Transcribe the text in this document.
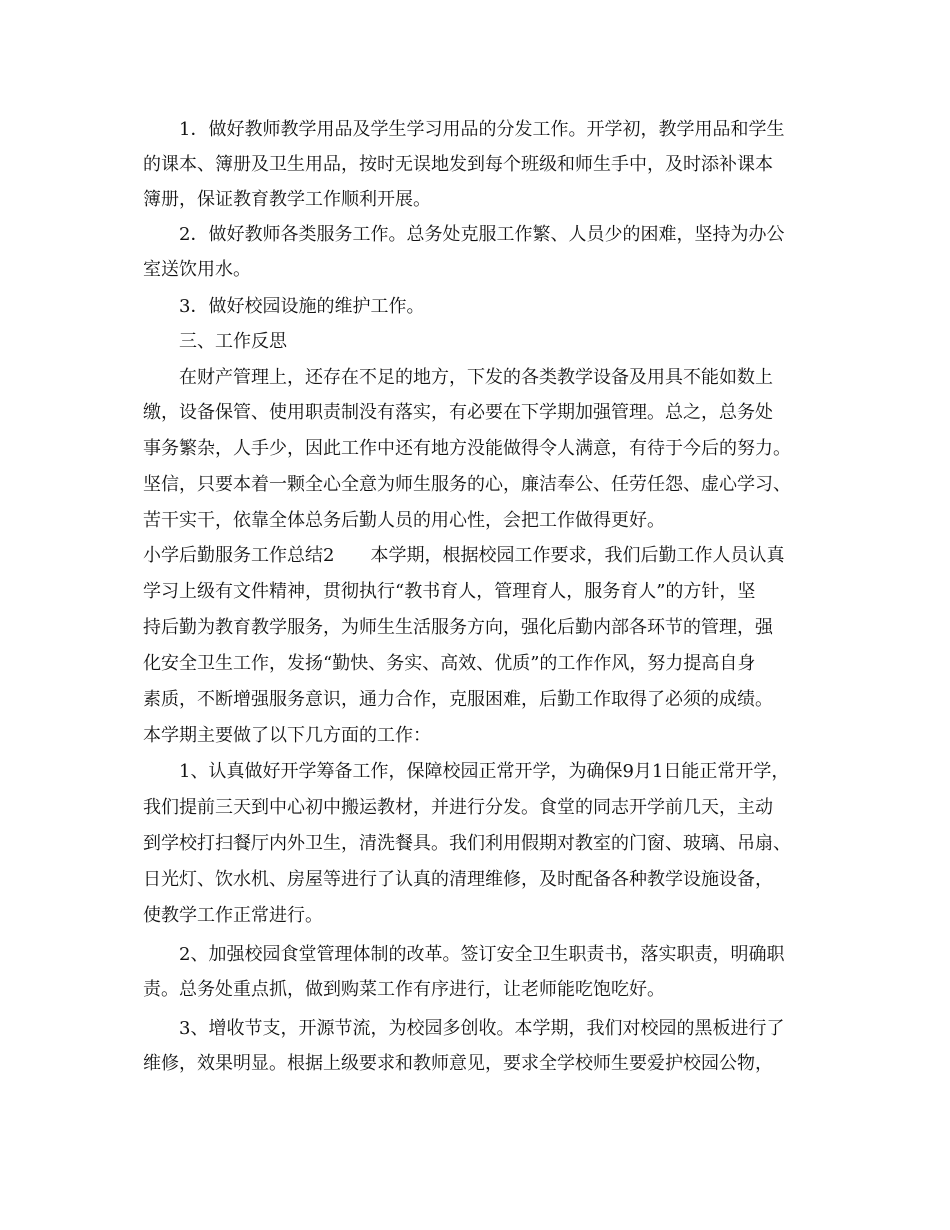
1．做好教师教学用品及学生学习用品的分发工作。开学初，教学用品和学生
的课本、簿册及卫生用品，按时无误地发到每个班级和师生手中，及时添补课本
簿册，保证教育教学工作顺利开展。
2．做好教师各类服务工作。总务处克服工作繁、人员少的困难，坚持为办公
室送饮用水。
3．做好校园设施的维护工作。
三、工作反思
在财产管理上，还存在不足的地方，下发的各类教学设备及用具不能如数上
缴，设备保管、使用职责制没有落实，有必要在下学期加强管理。总之，总务处
事务繁杂，人手少，因此工作中还有地方没能做得令人满意，有待于今后的努力。
坚信，只要本着一颗全心全意为师生服务的心，廉洁奉公、任劳任怨、虚心学习、
苦干实干，依靠全体总务后勤人员的用心性，会把工作做得更好。
小学后勤服务工作总结2　　本学期，根据校园工作要求，我们后勤工作人员认真
学习上级有文件精神，贯彻执行“教书育人，管理育人，服务育人”的方针，坚
持后勤为教育教学服务，为师生生活服务方向，强化后勤内部各环节的管理，强
化安全卫生工作，发扬“勤快、务实、高效、优质”的工作作风，努力提高自身
素质，不断增强服务意识，通力合作，克服困难，后勤工作取得了必须的成绩。
本学期主要做了以下几方面的工作：
1、认真做好开学筹备工作，保障校园正常开学，为确保9月1日能正常开学，
我们提前三天到中心初中搬运教材，并进行分发。食堂的同志开学前几天，主动
到学校打扫餐厅内外卫生，清洗餐具。我们利用假期对教室的门窗、玻璃、吊扇、
日光灯、饮水机、房屋等进行了认真的清理维修，及时配备各种教学设施设备，
使教学工作正常进行。
2、加强校园食堂管理体制的改革。签订安全卫生职责书，落实职责，明确职
责。总务处重点抓，做到购菜工作有序进行，让老师能吃饱吃好。
3、增收节支，开源节流，为校园多创收。本学期，我们对校园的黑板进行了
维修，效果明显。根据上级要求和教师意见，要求全学校师生要爱护校园公物，
